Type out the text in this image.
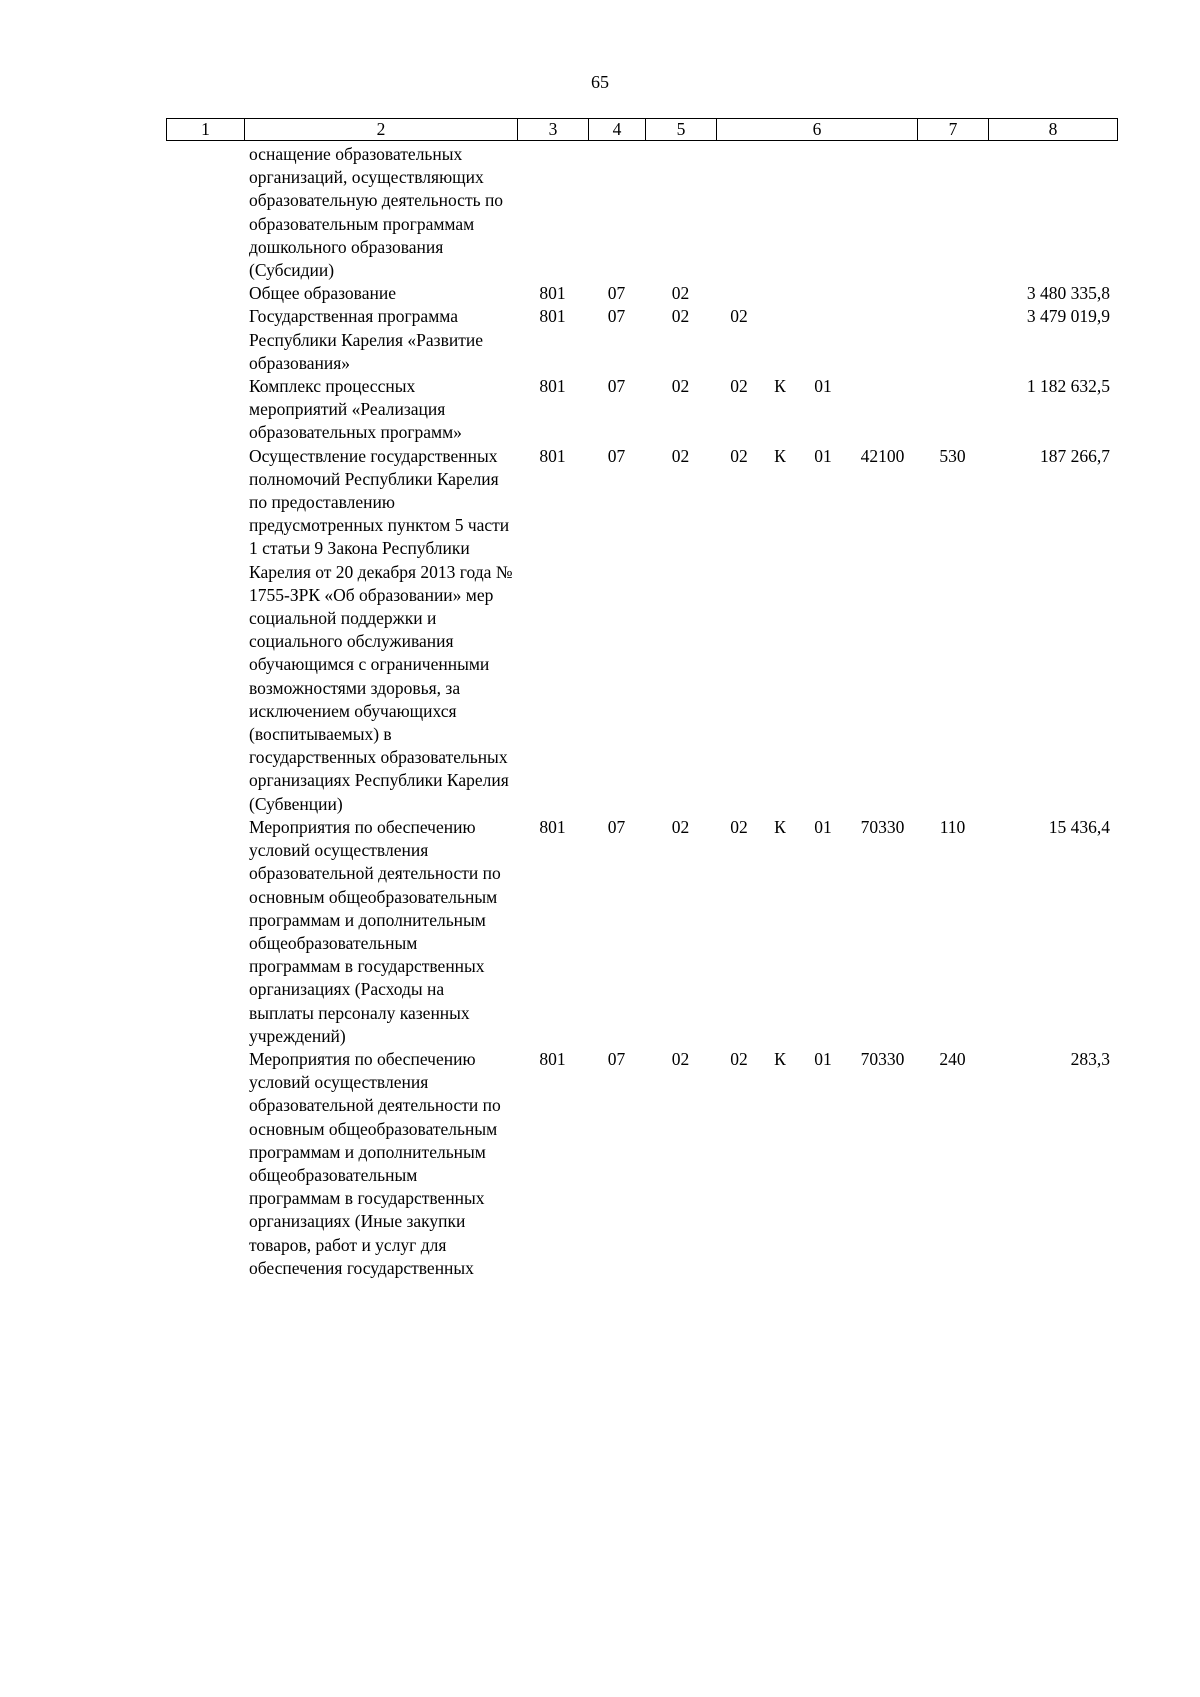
65
1	2	3	4	5	6	7	8
оснащение образовательных организаций, осуществляющих образовательную деятельность по образовательным программам дошкольного образования (Субсидии)									
Общее образование	801	07	02						3 480 335,8
Государственная программа Республики Карелия «Развитие образования»	801	07	02	02					3 479 019,9
Комплекс процессных мероприятий «Реализация образовательных программ»	801	07	02	02	К	01			1 182 632,5
Осуществление государственных полномочий Республики Карелия по предоставлению предусмотренных пунктом 5 части 1 статьи 9 Закона Республики Карелия от 20 декабря 2013 года № 1755-ЗРК «Об образовании» мер социальной поддержки и социального обслуживания обучающимся с ограниченными возможностями здоровья, за исключением обучающихся (воспитываемых) в государственных образовательных организациях Республики Карелия (Субвенции)	801	07	02	02	К	01	42100	530	187 266,7
Мероприятия по обеспечению условий осуществления образовательной деятельности по основным общеобразовательным программам и дополнительным общеобразовательным программам в государственных организациях (Расходы на выплаты персоналу казенных учреждений)	801	07	02	02	К	01	70330	110	15 436,4
Мероприятия по обеспечению условий осуществления образовательной деятельности по основным общеобразовательным программам и дополнительным общеобразовательным программам в государственных организациях (Иные закупки товаров, работ и услуг для обеспечения государственных	801	07	02	02	К	01	70330	240	283,3
